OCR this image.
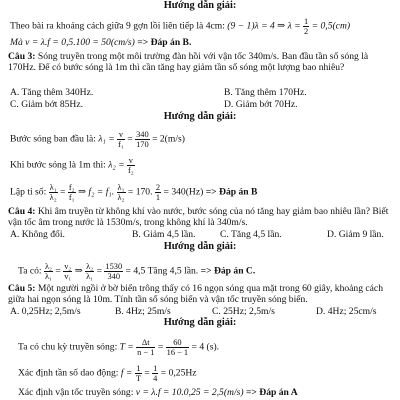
Hướng dẫn giải:
Theo bài ra khoảng cách giữa 9 gợn lồi liên tiếp là 4cm: (9 − 1)λ = 4 ⇒ $\lambda = \frac{1}{2} = 0,5(cm)$
Mà v = λ.f = 0,5.100 = 50(cm/s) => Đáp án B.
Câu 3: Sóng truyền trong một môi trường đàn hồi với vận tốc 340m/s. Ban đầu tần số sóng là 170Hz. Để có bước sóng là 1m thì cần tăng hay giảm tần số sóng một lượng bao nhiêu?
A. Tăng thêm 340Hz.	B. Tăng thêm 170Hz.
C. Giảm bớt 85Hz.	D. Giảm bớt 70Hz.
Hướng dẫn giải:
Bước sóng ban đầu là: $\lambda_1 = \frac{v}{\text{f₁}} = \frac{340}{170} = 2(m/s)$
Khi bước sóng là 1m thì: $\lambda_2 = \frac{v}{\text{f₂}}$
Lập tỉ số: $\frac{\text{λ₁}}{\text{λ₂}} = \frac{\text{f₂}}{\text{f₁}}$ ⇒ f₂ = f₁. $\frac{\text{λ₁}}{\text{λ₂}} = 170$. $\frac{2}{1} = 340(Hz)$ => Đáp án B
Câu 4: Khi âm truyền từ không khí vào nước, bước sóng của nó tăng hay giảm bao nhiêu lần? Biết vận tốc âm trong nước là 1530m/s, trong không khí là 340m/s.
A. Không đổi.	B. Giảm 4,5 lần.	C. Tăng 4,5 lần.	D. Giảm 9 lần.
Hướng dẫn giải:
Ta có: $\frac{\text{λ₂}}{\text{λ₁}} = \frac{\text{v₂}}{\text{v₁}}$ ⇒ $\frac{\text{λ₂}}{\text{λ₁}} = \frac{1530}{340} = 4,5$ Tăng 4,5 lần. => Đáp án C.
Câu 5: Một người ngồi ở bờ biển trông thấy có 16 ngọn sóng qua mặt trong 60 giây, khoảng cách giữa hai ngọn sóng là 10m. Tính tần số sóng biển và vận tốc truyền sóng biển.
A. 0,25Hz; 2,5m/s	B. 4Hz; 25m/s	C. 25Hz; 2,5m/s	D. 4Hz; 25cm/s
Hướng dẫn giải:
Ta có chu kỳ truyền sóng: $T = \frac{\Delta t}{n - 1} = \frac{60}{16 - 1} = 4$ (s).
Xác định tần số dao động: $f = \frac{1}{T} = \frac{1}{4} = 0,25Hz$
Xác định vận tốc truyền sóng: v = λ.f = 10.0,25 = 2,5(m/s) => Đáp án A
